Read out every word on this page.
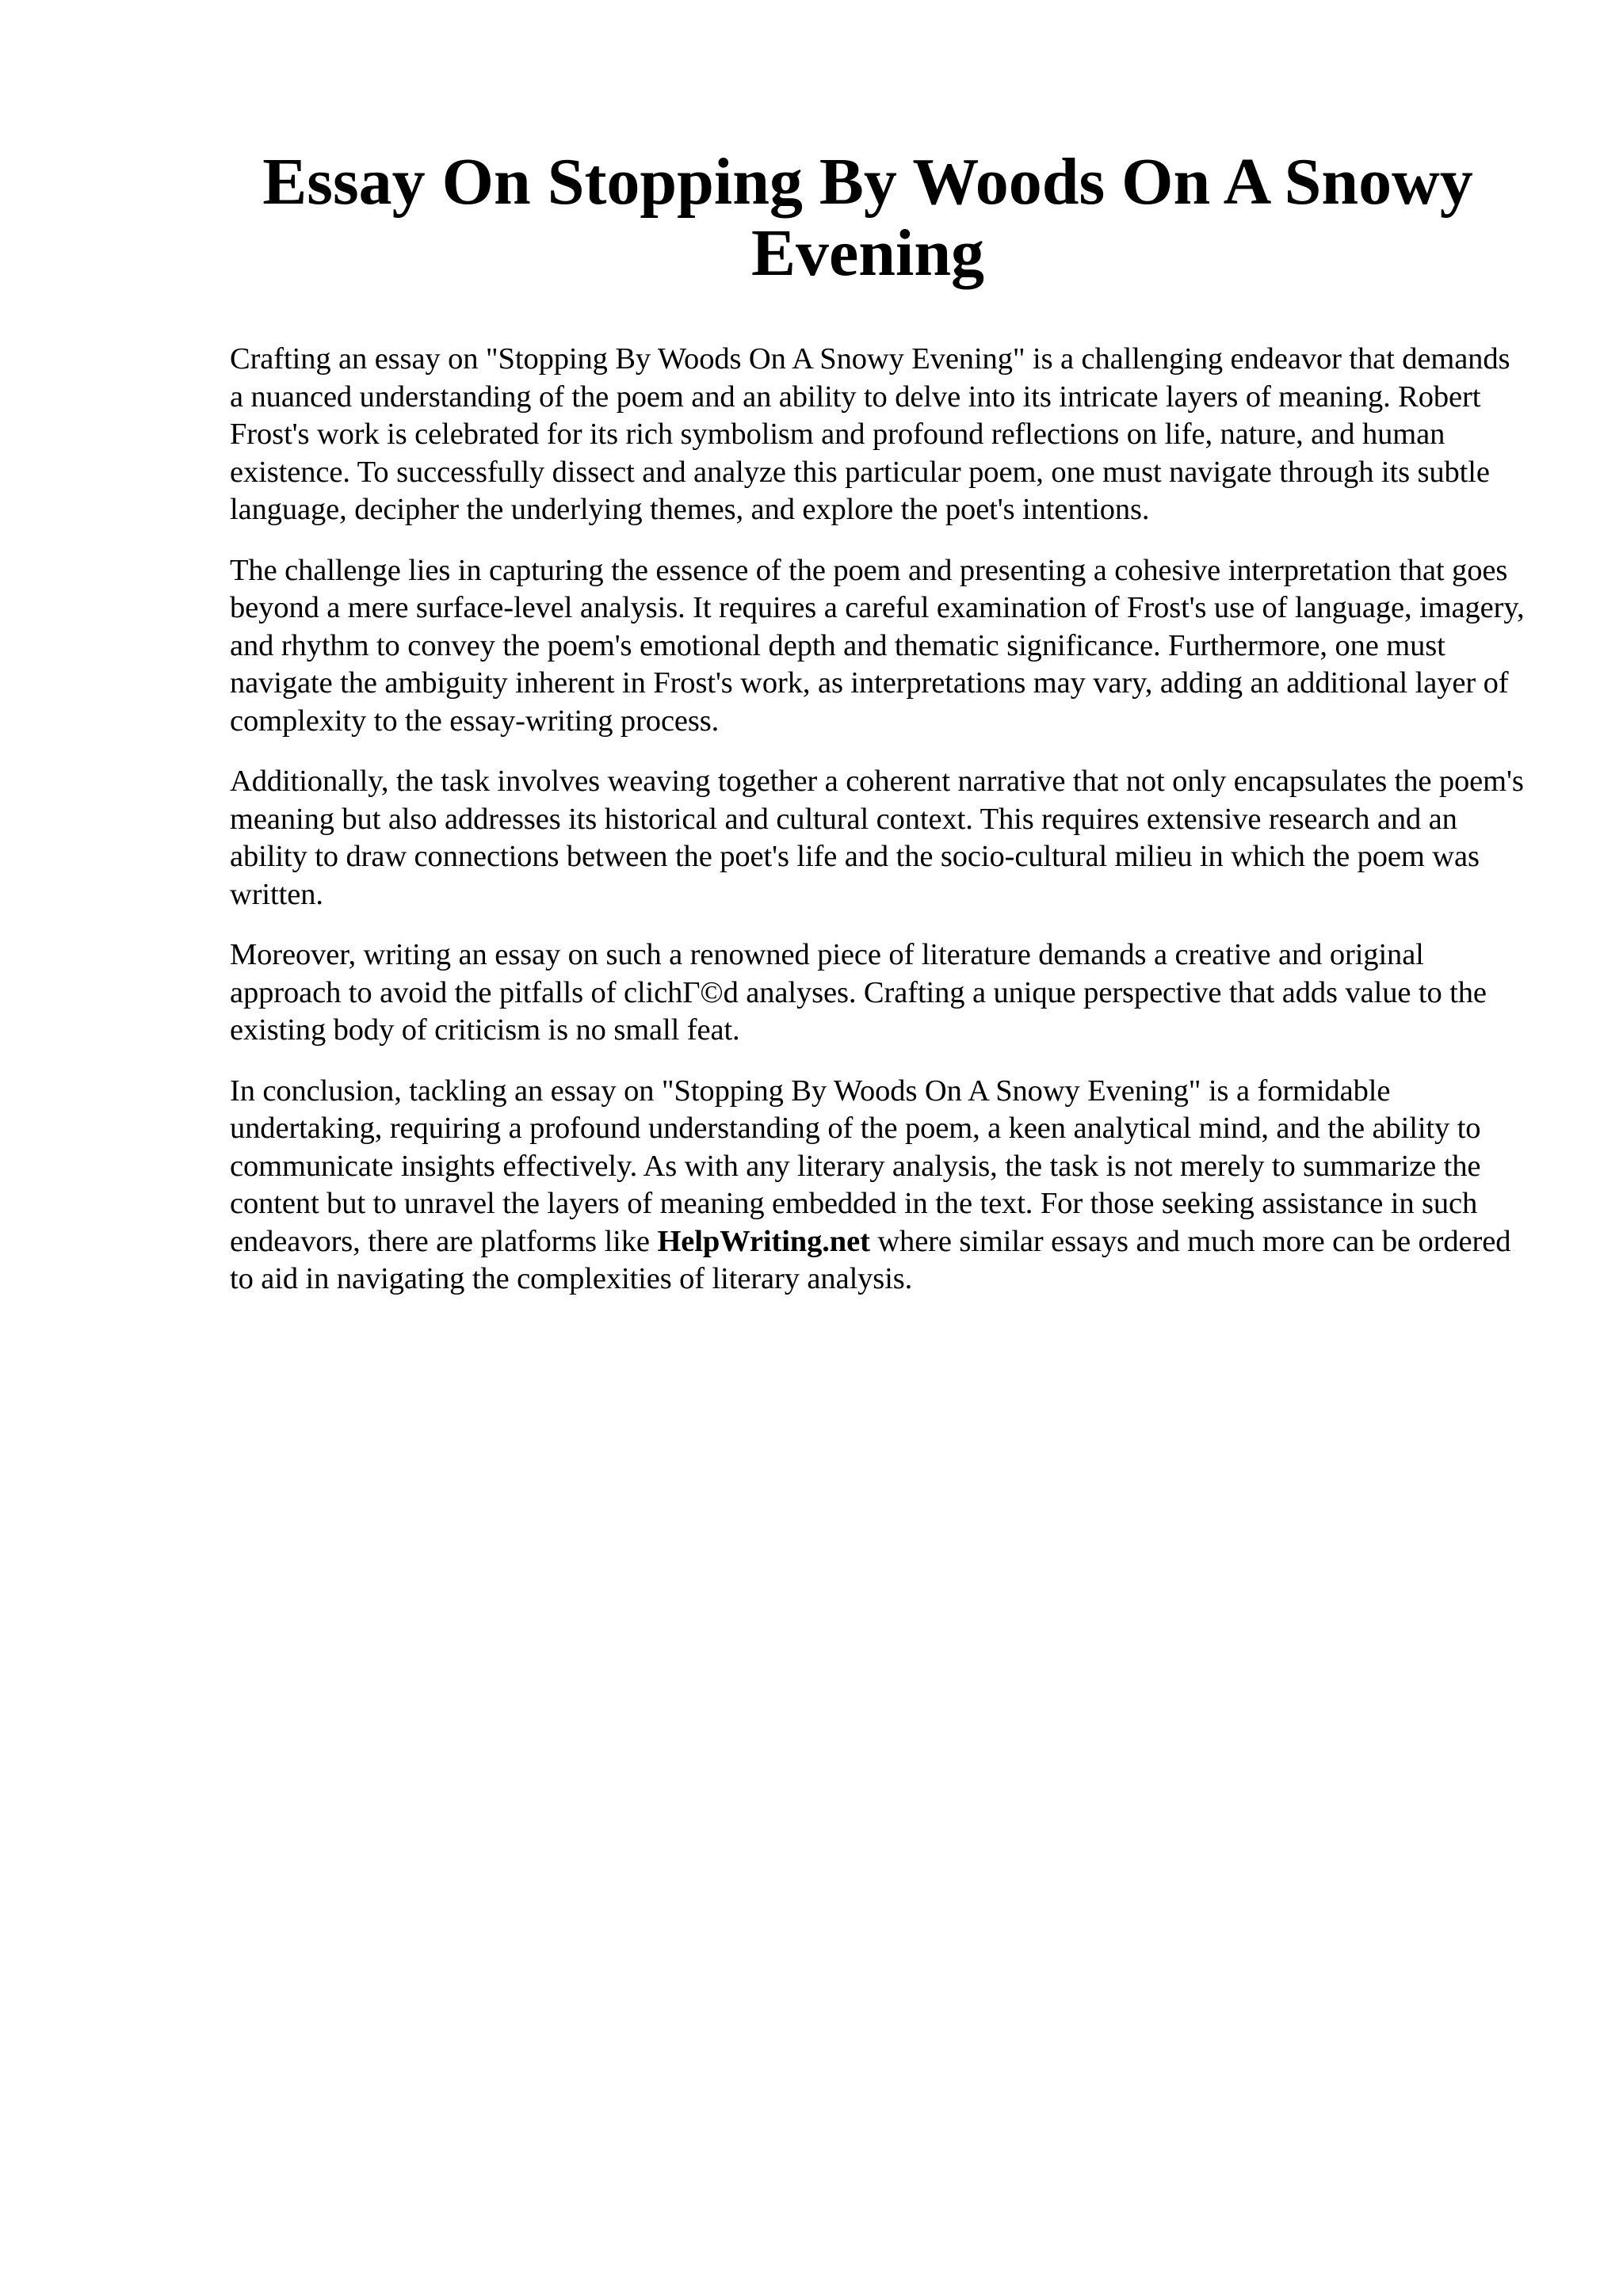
Essay On Stopping By Woods On A Snowy Evening

Crafting an essay on "Stopping By Woods On A Snowy Evening" is a challenging endeavor that demands a nuanced understanding of the poem and an ability to delve into its intricate layers of meaning. Robert Frost's work is celebrated for its rich symbolism and profound reflections on life, nature, and human existence. To successfully dissect and analyze this particular poem, one must navigate through its subtle language, decipher the underlying themes, and explore the poet's intentions.

The challenge lies in capturing the essence of the poem and presenting a cohesive interpretation that goes beyond a mere surface-level analysis. It requires a careful examination of Frost's use of language, imagery, and rhythm to convey the poem's emotional depth and thematic significance. Furthermore, one must navigate the ambiguity inherent in Frost's work, as interpretations may vary, adding an additional layer of complexity to the essay-writing process.

Additionally, the task involves weaving together a coherent narrative that not only encapsulates the poem's meaning but also addresses its historical and cultural context. This requires extensive research and an ability to draw connections between the poet's life and the socio-cultural milieu in which the poem was written.

Moreover, writing an essay on such a renowned piece of literature demands a creative and original approach to avoid the pitfalls of clichΓ©d analyses. Crafting a unique perspective that adds value to the existing body of criticism is no small feat.

In conclusion, tackling an essay on "Stopping By Woods On A Snowy Evening" is a formidable undertaking, requiring a profound understanding of the poem, a keen analytical mind, and the ability to communicate insights effectively. As with any literary analysis, the task is not merely to summarize the content but to unravel the layers of meaning embedded in the text. For those seeking assistance in such endeavors, there are platforms like HelpWriting.net where similar essays and much more can be ordered to aid in navigating the complexities of literary analysis.
